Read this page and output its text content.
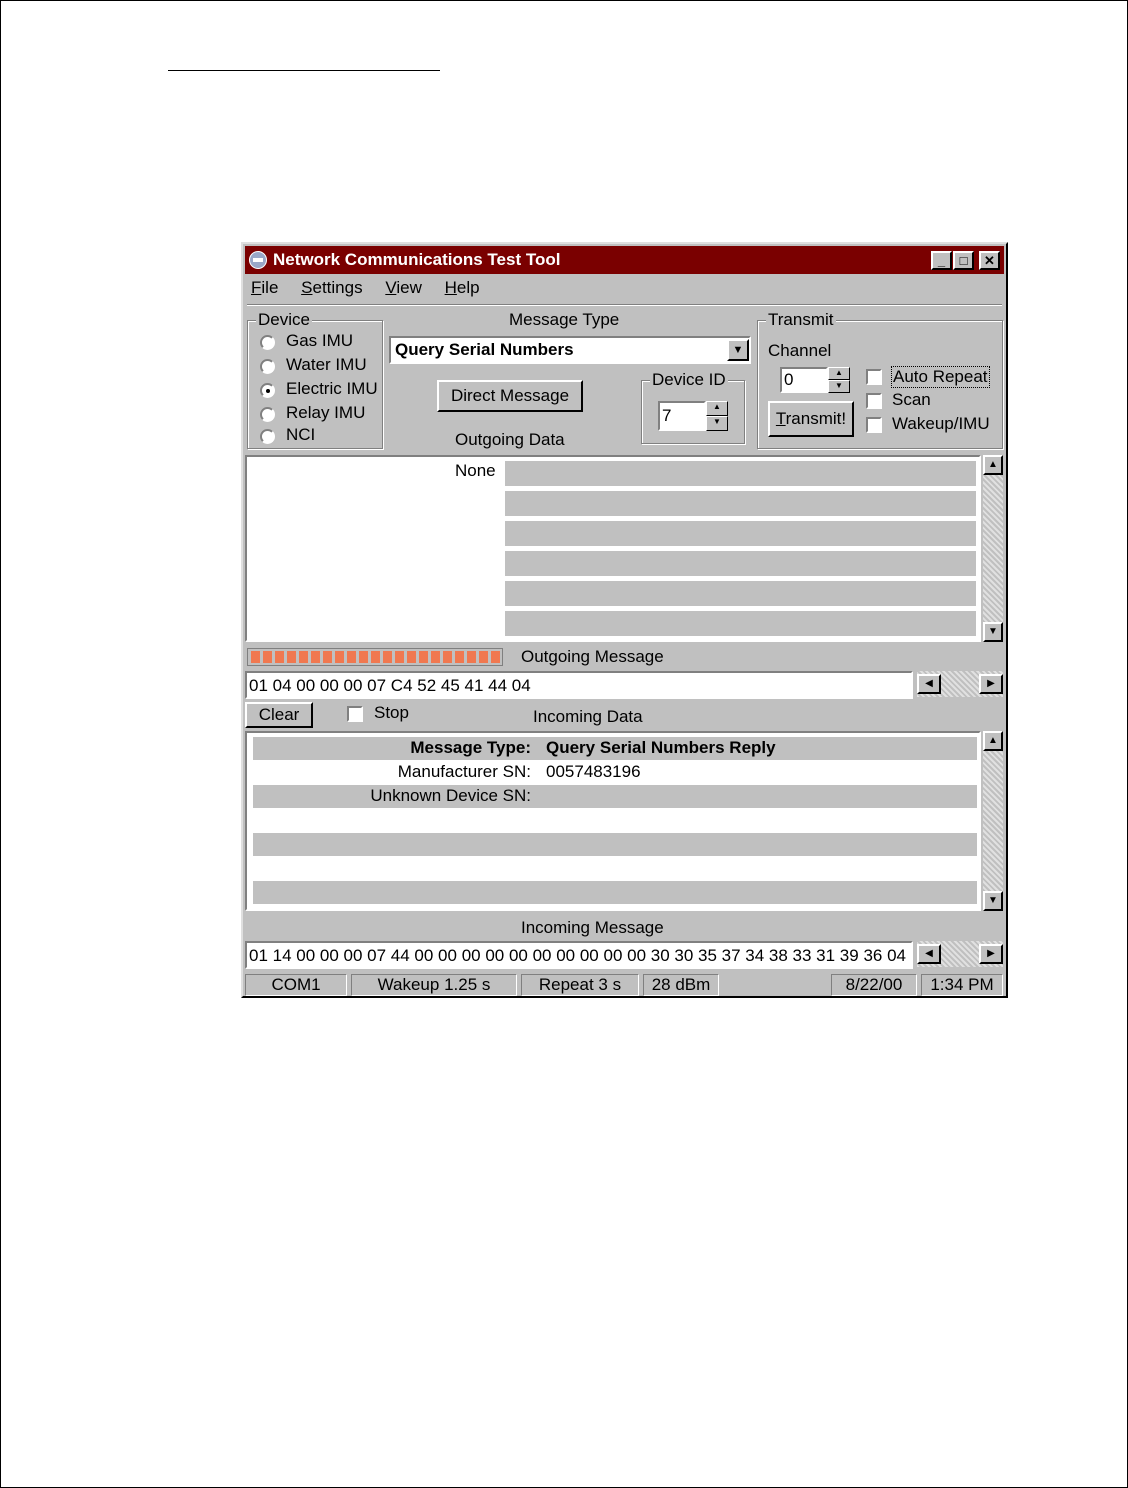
Network Communications Test Tool	_	□	✕
File Settings View Help
Device
Gas IMU
Water IMU
Electric IMU
Relay IMU
NCI
Message Type
Query Serial Numbers	▼
Direct Message
Device ID
7	▲
▼
Outgoing Data
Transmit
Channel
0	▲
▼
Transmit!
Auto Repeat
Scan
Wakeup/IMU
None	▲
▼
Outgoing Message
01 04 00 00 00 07 C4 52 45 41 44 04	◀	▶
Clear	Stop	Incoming Data
Message Type: Query Serial Numbers Reply
Manufacturer SN: 0057483196
Unknown Device SN:
▲
▼
Incoming Message
01 14 00 00 00 07 44 00 00 00 00 00 00 00 00 00 00 30 30 35 37 34 38 33 31 39 36 04	◀	▶
COM1	Wakeup 1.25 s	Repeat 3 s	28 dBm	8/22/00	1:34 PM
